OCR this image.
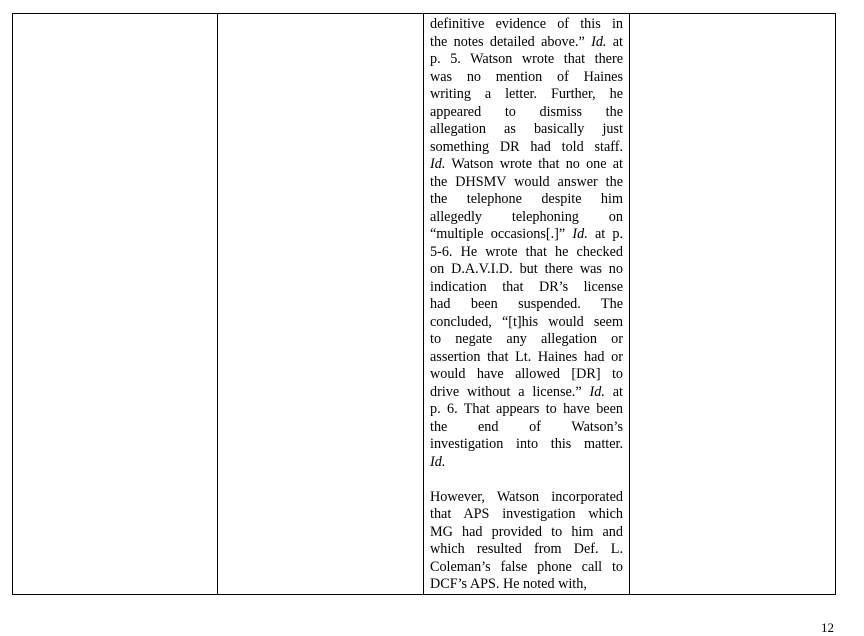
definitive evidence of this in
the notes detailed above.” Id. at
p. 5. Watson wrote that there
was no mention of Haines
writing a letter. Further, he
appeared to dismiss the
allegation as basically just
something DR had told staff.
Id. Watson wrote that no one at
the DHSMV would answer the
the telephone despite him
allegedly telephoning on
“multiple occasions[.]” Id. at p.
5-6. He wrote that he checked
on D.A.V.I.D. but there was no
indication that DR’s license
had been suspended. The
concluded, “[t]his would seem
to negate any allegation or
assertion that Lt. Haines had or
would have allowed [DR] to
drive without a license.” Id. at
p. 6. That appears to have been
the end of Watson’s
investigation into this matter.
Id.
However, Watson incorporated
that APS investigation which
MG had provided to him and
which resulted from Def. L.
Coleman’s false phone call to
DCF’s APS. He noted with,

12
